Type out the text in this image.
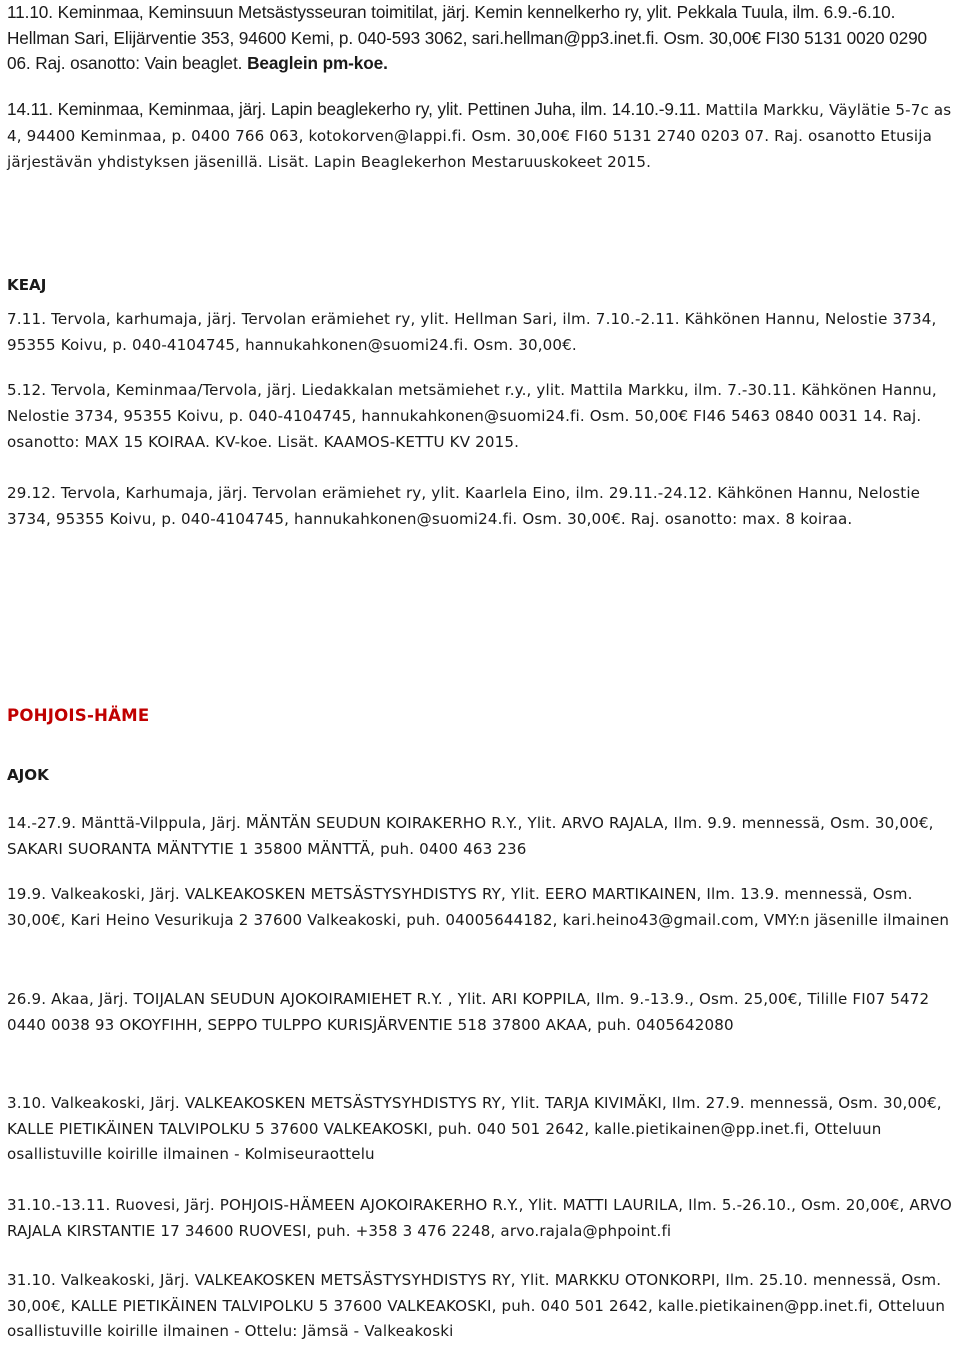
11.10. Keminmaa, Keminsuun Metsästysseuran toimitilat, järj. Kemin kennelkerho ry, ylit. Pekkala Tuula, ilm. 6.9.-6.10. Hellman Sari, Elijärventie 353, 94600 Kemi, p. 040-593 3062, sari.hellman@pp3.inet.fi. Osm. 30,00€ FI30 5131 0020 0290 06. Raj. osanotto: Vain beaglet. Beaglein pm-koe.

14.11. Keminmaa, Keminmaa, järj. Lapin beaglekerho ry, ylit. Pettinen Juha, ilm. 14.10.-9.11. Mattila Markku, Väylätie 5-7c as 4, 94400 Keminmaa, p. 0400 766 063, kotokorven@lappi.fi. Osm. 30,00€ FI60 5131 2740 0203 07. Raj. osanotto Etusija järjestävän yhdistyksen jäsenillä. Lisät. Lapin Beaglekerhon Mestaruuskokeet 2015.

KEAJ

7.11. Tervola, karhumaja, järj. Tervolan erämiehet ry, ylit. Hellman Sari, ilm. 7.10.-2.11. Kähkönen Hannu, Nelostie 3734, 95355 Koivu, p. 040-4104745, hannukahkonen@suomi24.fi. Osm. 30,00€.

5.12. Tervola, Keminmaa/Tervola, järj. Liedakkalan metsämiehet r.y., ylit. Mattila Markku, ilm. 7.-30.11. Kähkönen Hannu, Nelostie 3734, 95355 Koivu, p. 040-4104745, hannukahkonen@suomi24.fi. Osm. 50,00€ FI46 5463 0840 0031 14. Raj. osanotto: MAX 15 KOIRAA. KV-koe. Lisät. KAAMOS-KETTU KV 2015.

29.12. Tervola, Karhumaja, järj. Tervolan erämiehet ry, ylit. Kaarlela Eino, ilm. 29.11.-24.12. Kähkönen Hannu, Nelostie 3734, 95355 Koivu, p. 040-4104745, hannukahkonen@suomi24.fi. Osm. 30,00€. Raj. osanotto: max. 8 koiraa.

POHJOIS-HÄME

AJOK

14.-27.9. Mänttä-Vilppula, Järj. MÄNTÄN SEUDUN KOIRAKERHO R.Y., Ylit. ARVO RAJALA, Ilm. 9.9. mennessä, Osm. 30,00€, SAKARI SUORANTA MÄNTYTIE 1 35800 MÄNTTÄ, puh. 0400 463 236

19.9. Valkeakoski, Järj. VALKEAKOSKEN METSÄSTYSYHDISTYS RY, Ylit. EERO MARTIKAINEN, Ilm. 13.9. mennessä, Osm. 30,00€, Kari Heino Vesurikuja 2 37600 Valkeakoski, puh. 04005644182, kari.heino43@gmail.com, VMY:n jäsenille ilmainen

26.9. Akaa, Järj. TOIJALAN SEUDUN AJOKOIRAMIEHET R.Y. , Ylit. ARI KOPPILA, Ilm. 9.-13.9., Osm. 25,00€, Tilille FI07 5472 0440 0038 93 OKOYFIHH, SEPPO TULPPO KURISJÄRVENTIE 518 37800 AKAA, puh. 0405642080

3.10. Valkeakoski, Järj. VALKEAKOSKEN METSÄSTYSYHDISTYS RY, Ylit. TARJA KIVIMÄKI, Ilm. 27.9. mennessä, Osm. 30,00€, KALLE PIETIKÄINEN TALVIPOLKU 5 37600 VALKEAKOSKI, puh. 040 501 2642, kalle.pietikainen@pp.inet.fi, Otteluun osallistuville koirille ilmainen - Kolmiseuraottelu

31.10.-13.11. Ruovesi, Järj. POHJOIS-HÄMEEN AJOKOIRAKERHO R.Y., Ylit. MATTI LAURILA, Ilm. 5.-26.10., Osm. 20,00€, ARVO RAJALA KIRSTANTIE 17 34600 RUOVESI, puh. +358 3 476 2248, arvo.rajala@phpoint.fi

31.10. Valkeakoski, Järj. VALKEAKOSKEN METSÄSTYSYHDISTYS RY, Ylit. MARKKU OTONKORPI, Ilm. 25.10. mennessä, Osm. 30,00€, KALLE PIETIKÄINEN TALVIPOLKU 5 37600 VALKEAKOSKI, puh. 040 501 2642, kalle.pietikainen@pp.inet.fi, Otteluun osallistuville koirille ilmainen - Ottelu: Jämsä - Valkeakoski
